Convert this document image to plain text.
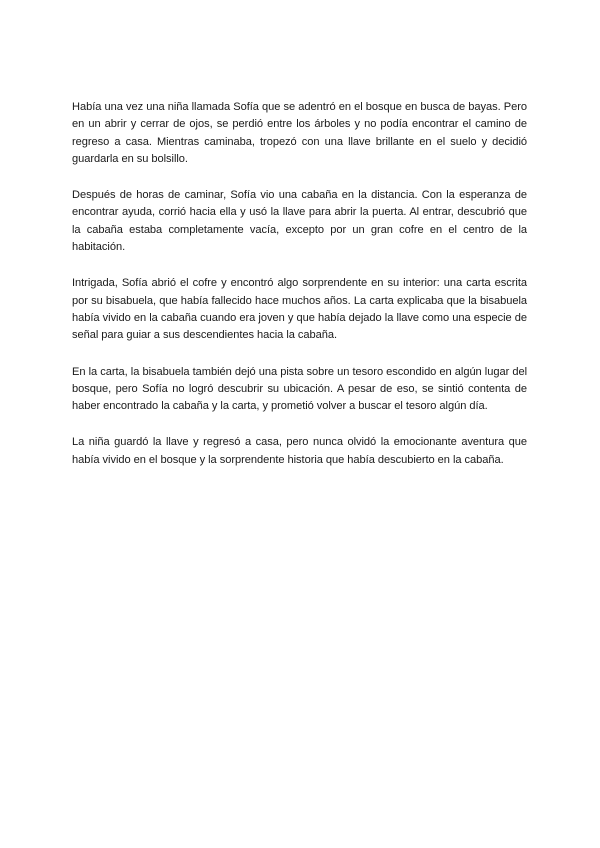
Había una vez una niña llamada Sofía que se adentró en el bosque en busca de bayas. Pero en un abrir y cerrar de ojos, se perdió entre los árboles y no podía encontrar el camino de regreso a casa. Mientras caminaba, tropezó con una llave brillante en el suelo y decidió guardarla en su bolsillo.

Después de horas de caminar, Sofía vio una cabaña en la distancia. Con la esperanza de encontrar ayuda, corrió hacia ella y usó la llave para abrir la puerta. Al entrar, descubrió que la cabaña estaba completamente vacía, excepto por un gran cofre en el centro de la habitación.

Intrigada, Sofía abrió el cofre y encontró algo sorprendente en su interior: una carta escrita por su bisabuela, que había fallecido hace muchos años. La carta explicaba que la bisabuela había vivido en la cabaña cuando era joven y que había dejado la llave como una especie de señal para guiar a sus descendientes hacia la cabaña.

En la carta, la bisabuela también dejó una pista sobre un tesoro escondido en algún lugar del bosque, pero Sofía no logró descubrir su ubicación. A pesar de eso, se sintió contenta de haber encontrado la cabaña y la carta, y prometió volver a buscar el tesoro algún día.

La niña guardó la llave y regresó a casa, pero nunca olvidó la emocionante aventura que había vivido en el bosque y la sorprendente historia que había descubierto en la cabaña.
